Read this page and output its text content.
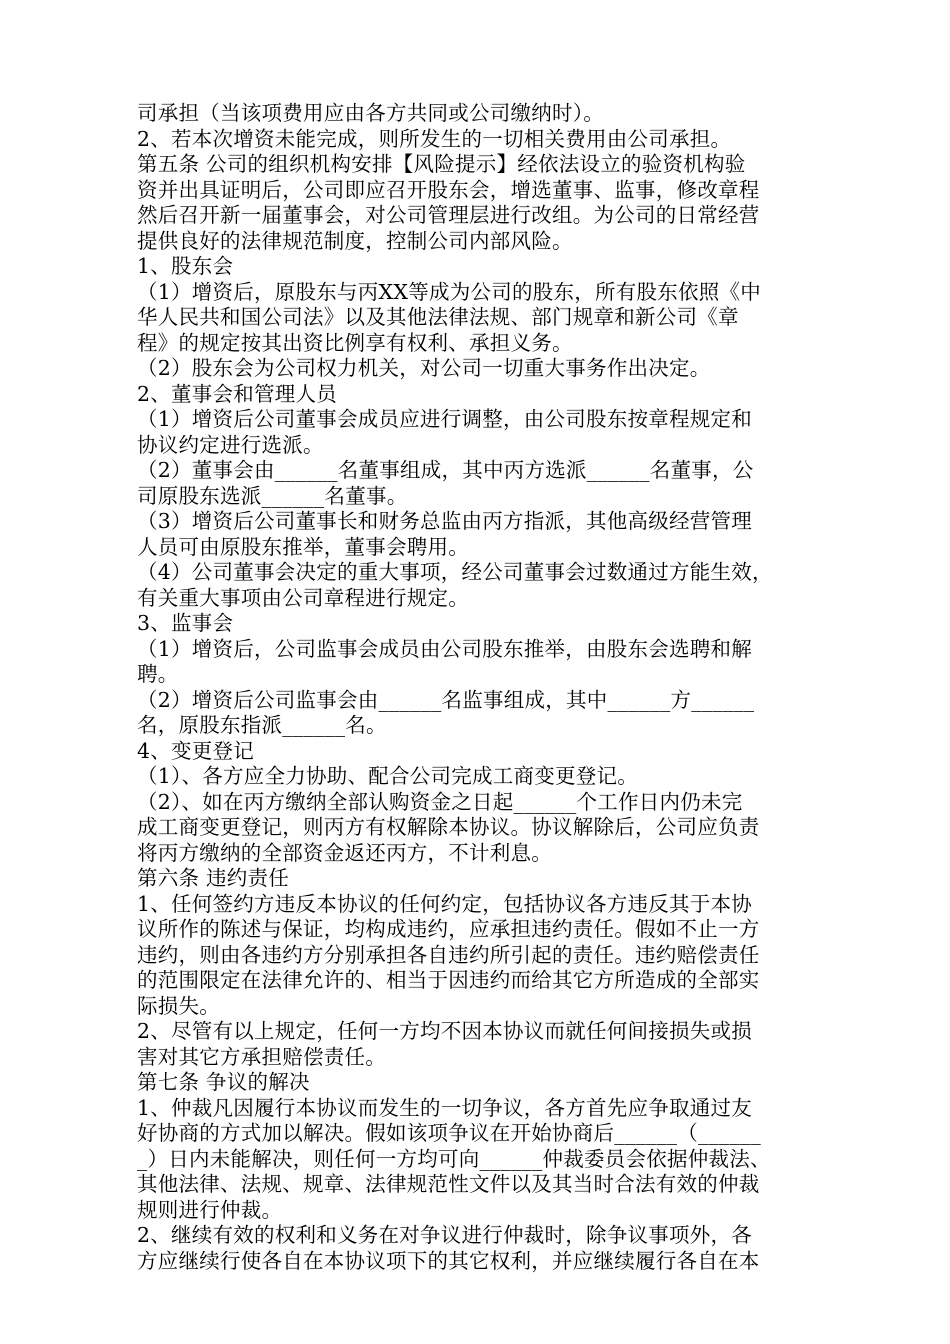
司承担（当该项费用应由各方共同或公司缴纳时）。
2、若本次增资未能完成，则所发生的一切相关费用由公司承担。
第五条 公司的组织机构安排【风险提示】经依法设立的验资机构验
资并出具证明后，公司即应召开股东会，增选董事、监事，修改章程
然后召开新一届董事会，对公司管理层进行改组。为公司的日常经营
提供良好的法律规范制度，控制公司内部风险。
1、股东会
（1）增资后，原股东与丙XX等成为公司的股东，所有股东依照《中
华人民共和国公司法》以及其他法律法规、部门规章和新公司《章
程》的规定按其出资比例享有权利、承担义务。
（2）股东会为公司权力机关，对公司一切重大事务作出决定。
2、董事会和管理人员
（1）增资后公司董事会成员应进行调整，由公司股东按章程规定和
协议约定进行选派。
（2）董事会由______名董事组成，其中丙方选派______名董事，公
司原股东选派______名董事。
（3）增资后公司董事长和财务总监由丙方指派，其他高级经营管理
人员可由原股东推举，董事会聘用。
（4）公司董事会决定的重大事项，经公司董事会过数通过方能生效，
有关重大事项由公司章程进行规定。
3、监事会
（1）增资后，公司监事会成员由公司股东推举，由股东会选聘和解
聘。
（2）增资后公司监事会由______名监事组成，其中______方______
名，原股东指派______名。
4、变更登记
（1）、各方应全力协助、配合公司完成工商变更登记。
（2）、如在丙方缴纳全部认购资金之日起______个工作日内仍未完
成工商变更登记，则丙方有权解除本协议。协议解除后，公司应负责
将丙方缴纳的全部资金返还丙方，不计利息。
第六条 违约责任
1、任何签约方违反本协议的任何约定，包括协议各方违反其于本协
议所作的陈述与保证，均构成违约，应承担违约责任。假如不止一方
违约，则由各违约方分别承担各自违约所引起的责任。违约赔偿责任
的范围限定在法律允许的、相当于因违约而给其它方所造成的全部实
际损失。
2、尽管有以上规定，任何一方均不因本协议而就任何间接损失或损
害对其它方承担赔偿责任。
第七条 争议的解决
1、仲裁凡因履行本协议而发生的一切争议，各方首先应争取通过友
好协商的方式加以解决。假如该项争议在开始协商后______（______
_）日内未能解决，则任何一方均可向______仲裁委员会依据仲裁法、
其他法律、法规、规章、法律规范性文件以及其当时合法有效的仲裁
规则进行仲裁。
2、继续有效的权利和义务在对争议进行仲裁时，除争议事项外，各
方应继续行使各自在本协议项下的其它权利，并应继续履行各自在本
